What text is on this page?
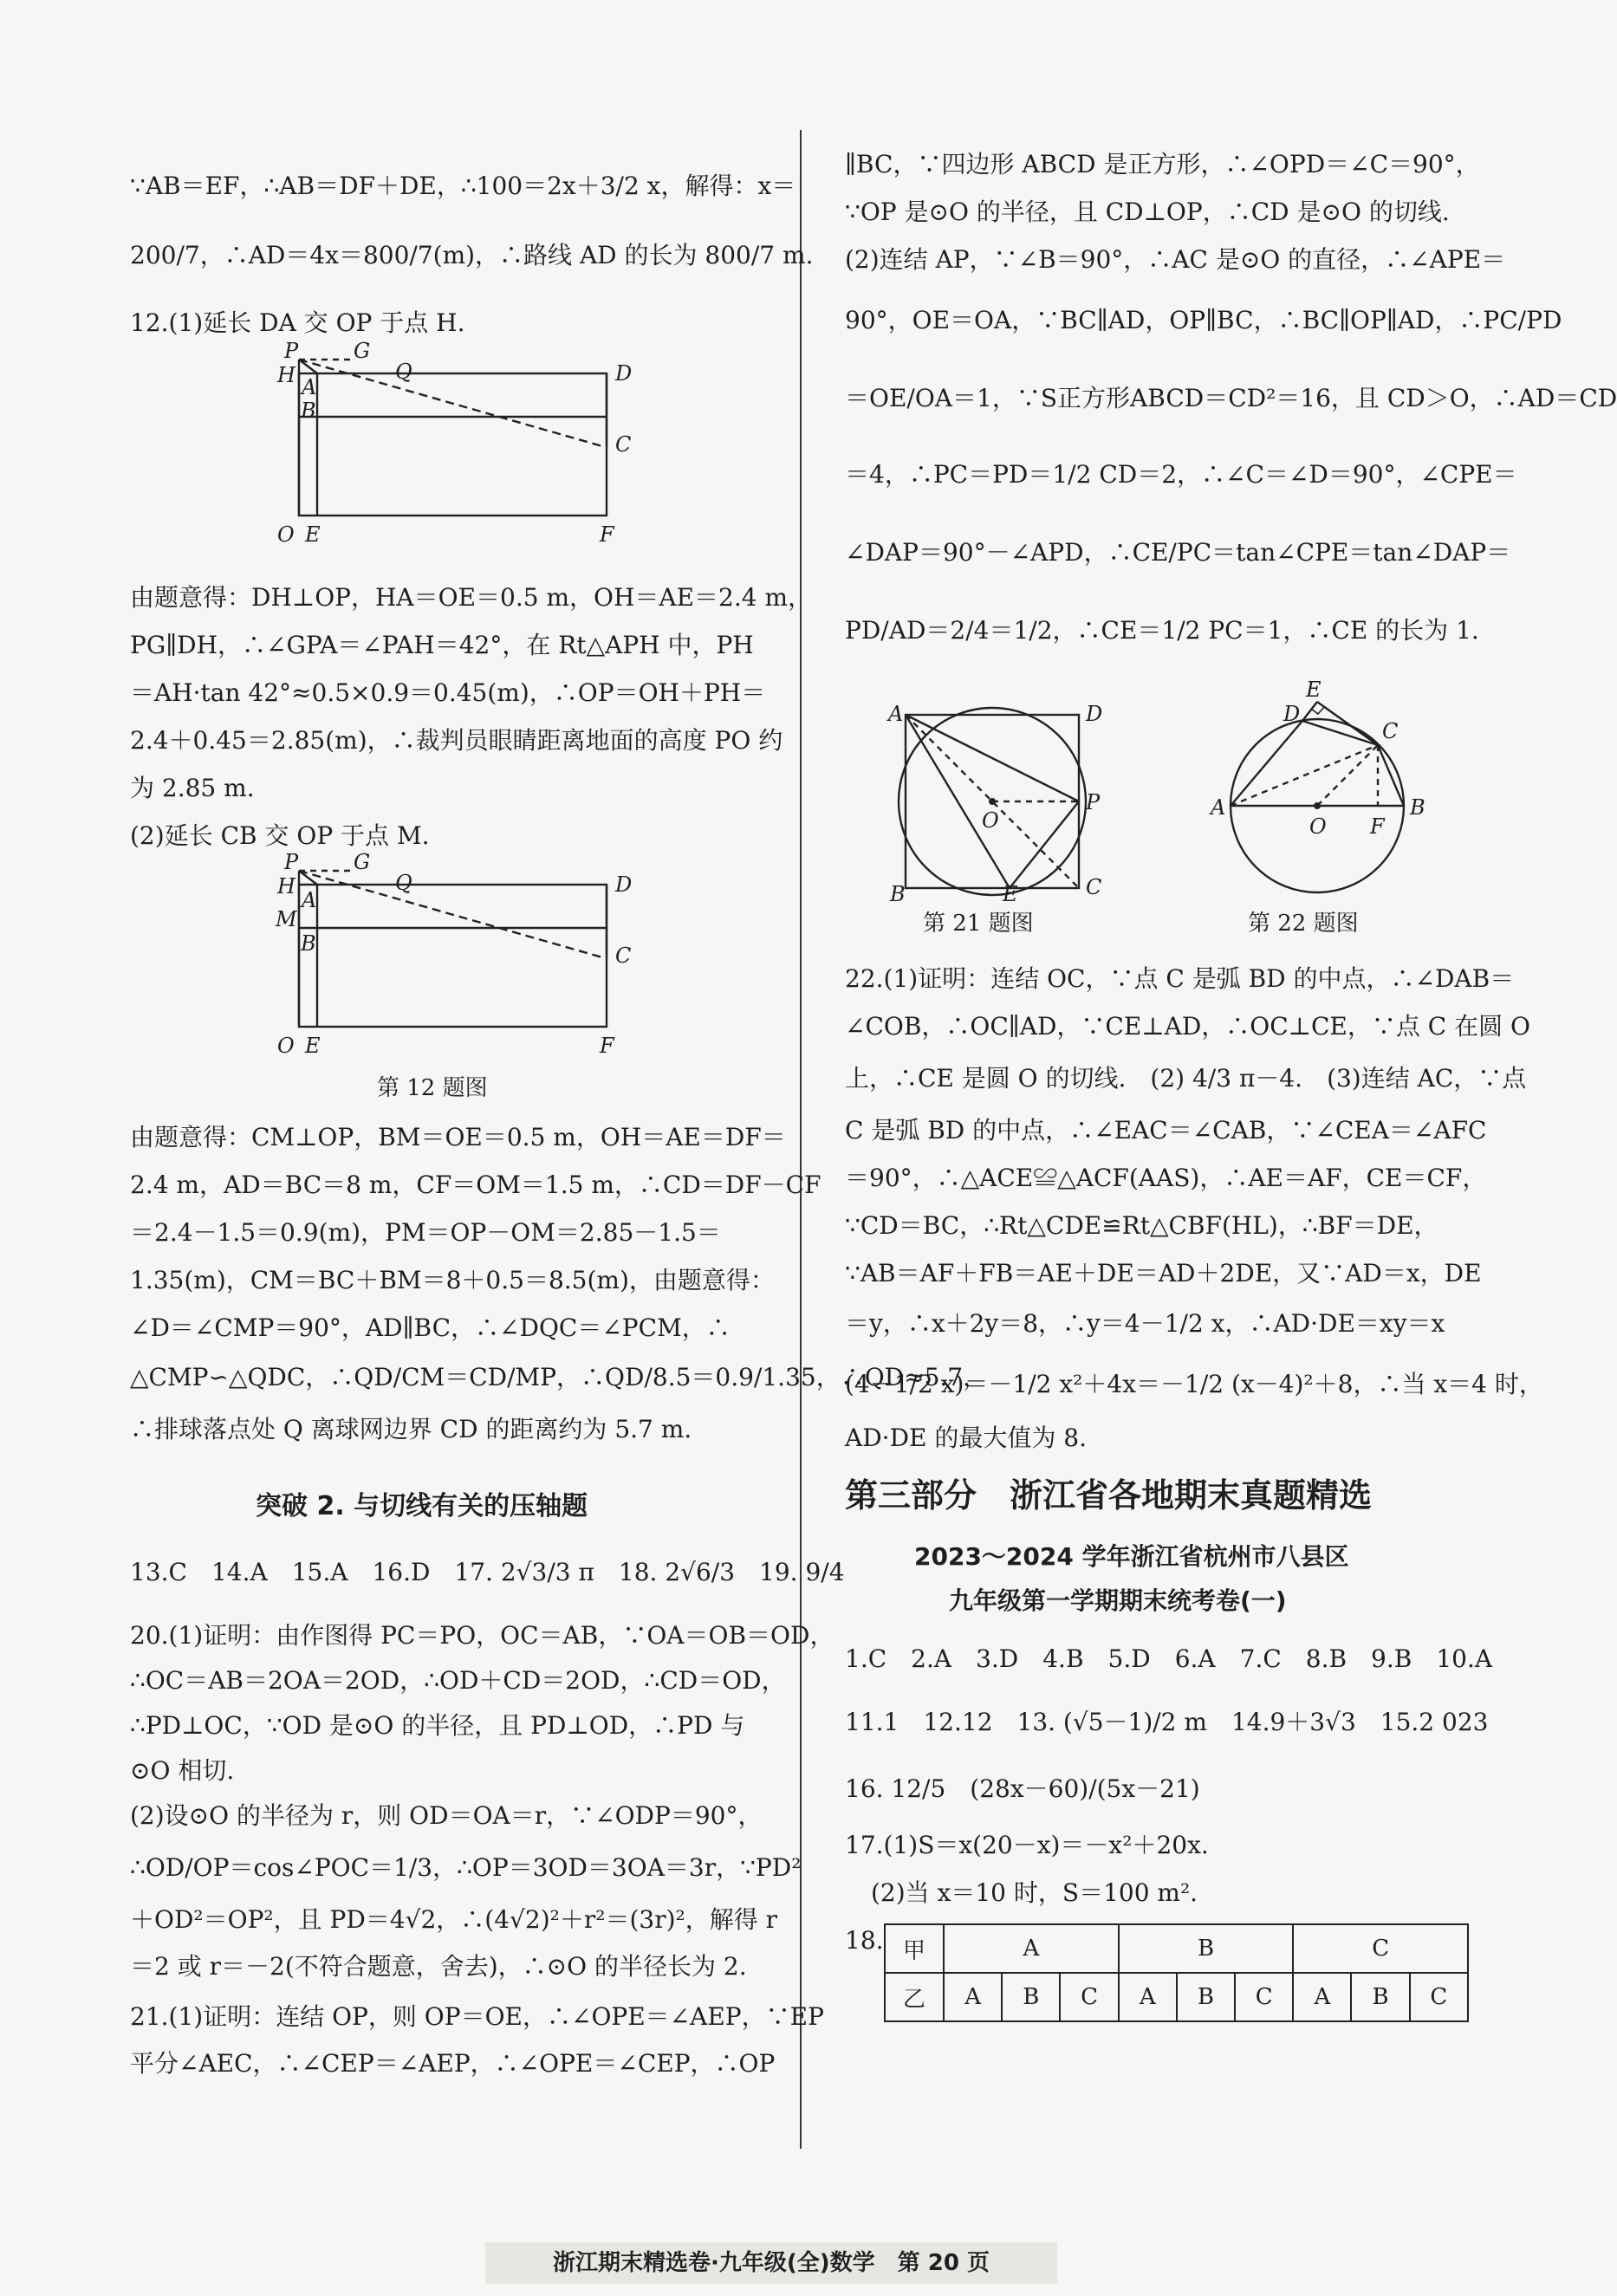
∵AB＝EF，∴AB＝DF＋DE，∴100＝2x＋3/2 x，解得：x＝
200/7，∴AD＝4x＝800/7(m)，∴路线 AD 的长为 800/7 m.
12.(1)延长 DA 交 OP 于点 H.
P	G
Q
H A
B
D
C
O E	F
由题意得：DH⊥OP，HA＝OE＝0.5 m，OH＝AE＝2.4 m，
PG∥DH，∴∠GPA＝∠PAH＝42°，在 Rt△APH 中，PH
＝AH·tan 42°≈0.5×0.9＝0.45(m)，∴OP＝OH＋PH＝
2.4＋0.45＝2.85(m)，∴裁判员眼睛距离地面的高度 PO 约
为 2.85 m.
(2)延长 CB 交 OP 于点 M.
P	G
Q
H
A
M
B
D
C
O E	F
第 12 题图
由题意得：CM⊥OP，BM＝OE＝0.5 m，OH＝AE＝DF＝
2.4 m，AD＝BC＝8 m，CF＝OM＝1.5 m，∴CD＝DF－CF
＝2.4－1.5＝0.9(m)，PM＝OP－OM＝2.85－1.5＝
1.35(m)，CM＝BC＋BM＝8＋0.5＝8.5(m)，由题意得：
∠D＝∠CMP＝90°，AD∥BC，∴∠DQC＝∠PCM，∴
△CMP∽△QDC，∴QD/CM＝CD/MP，∴QD/8.5＝0.9/1.35，∴QD≈5.7，
∴排球落点处 Q 离球网边界 CD 的距离约为 5.7 m.
突破 2. 与切线有关的压轴题
13.C　14.A　15.A　16.D　17. 2√3/3 π　18. 2√6/3　19. 9/4
20.(1)证明：由作图得 PC＝PO，OC＝AB，∵OA＝OB＝OD，
∴OC＝AB＝2OA＝2OD，∴OD＋CD＝2OD，∴CD＝OD，
∴PD⊥OC，∵OD 是⊙O 的半径，且 PD⊥OD，∴PD 与
⊙O 相切.
(2)设⊙O 的半径为 r，则 OD＝OA＝r，∵∠ODP＝90°，
∴OD/OP＝cos∠POC＝1/3，∴OP＝3OD＝3OA＝3r，∵PD²
＋OD²＝OP²，且 PD＝4√2，∴(4√2)²＋r²＝(3r)²，解得 r
＝2 或 r＝－2(不符合题意，舍去)，∴⊙O 的半径长为 2.
21.(1)证明：连结 OP，则 OP＝OE，∴∠OPE＝∠AEP，∵EP
平分∠AEC，∴∠CEP＝∠AEP，∴∠OPE＝∠CEP，∴OP
∥BC，∵四边形 ABCD 是正方形，∴∠OPD＝∠C＝90°，
∵OP 是⊙O 的半径，且 CD⊥OP，∴CD 是⊙O 的切线.
(2)连结 AP，∵∠B＝90°，∴AC 是⊙O 的直径，∴∠APE＝
90°，OE＝OA，∵BC∥AD，OP∥BC，∴BC∥OP∥AD，∴PC/PD
＝OE/OA＝1，∵S正方形ABCD＝CD²＝16，且 CD＞O，∴AD＝CD
＝4，∴PC＝PD＝1/2 CD＝2，∴∠C＝∠D＝90°，∠CPE＝
∠DAP＝90°－∠APD，∴CE/PC＝tan∠CPE＝tan∠DAP＝
PD/AD＝2/4＝1/2，∴CE＝1/2 PC＝1，∴CE 的长为 1.
A	D
P
O
B	E	C
第 21 题图
E
D
C
A
O F
B
第 22 题图
22.(1)证明：连结 OC，∵点 C 是弧 BD 的中点，∴∠DAB＝
∠COB，∴OC∥AD，∵CE⊥AD，∴OC⊥CE，∵点 C 在圆 O
上，∴CE 是圆 O 的切线.　(2) 4/3 π－4.　(3)连结 AC，∵点
C 是弧 BD 的中点，∴∠EAC＝∠CAB，∵∠CEA＝∠AFC
＝90°，∴△ACE≌△ACF(AAS)，∴AE＝AF，CE＝CF，
∵CD＝BC，∴Rt△CDE≌Rt△CBF(HL)，∴BF＝DE，
∵AB＝AF＋FB＝AE＋DE＝AD＋2DE，又∵AD＝x，DE
＝y，∴x＋2y＝8，∴y＝4－1/2 x，∴AD·DE＝xy＝x
(4－1/2 x)＝－1/2 x²＋4x＝－1/2 (x－4)²＋8，∴当 x＝4 时，
AD·DE 的最大值为 8.
第三部分　浙江省各地期末真题精选
2023～2024 学年浙江省杭州市八县区
九年级第一学期期末统考卷(一)
1.C　2.A　3.D　4.B　5.D　6.A　7.C　8.B　9.B　10.A
11.1　12.12　13. (√5－1)/2 m　14.9＋3√3　15.2 023
16. 12/5　(28x－60)/(5x－21)
17.(1)S＝x(20－x)＝－x²＋20x.
(2)当 x＝10 时，S＝100 m².
18. 甲	A			B			C		
乙	A	B	C	A	B	C	A	B	C
浙江期末精选卷·九年级(全)数学　第 20 页
